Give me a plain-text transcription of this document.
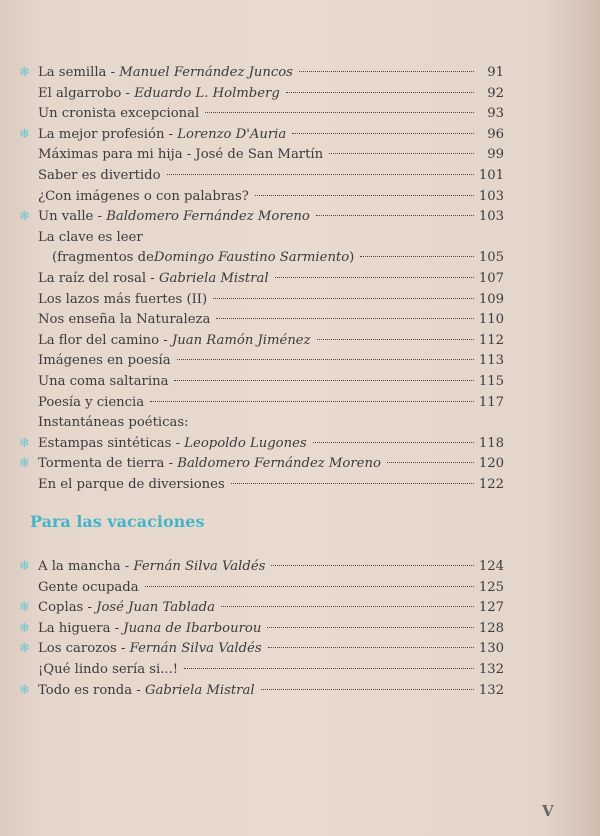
❄ La semilla - Manuel Fernández Juncos	91
El algarrobo - Eduardo L. Holmberg	92
Un cronista excepcional	93
❄ La mejor profesión - Lorenzo D'Auria	96
Máximas para mi hija - José de San Martín	99
Saber es divertido	101
¿Con imágenes o con palabras?	103
❄ Un valle - Baldomero Fernández Moreno	103
La clave es leer
(fragmentos de Domingo Faustino Sarmiento )	105
La raíz del rosal - Gabriela Mistral	107
Los lazos más fuertes (II)	109
Nos enseña la Naturaleza	110
La flor del camino - Juan Ramón Jiménez	112
Imágenes en poesía	113
Una coma saltarina	115
Poesía y ciencia	117
Instantáneas poéticas:
❄ Estampas sintéticas - Leopoldo Lugones	118
❄ Tormenta de tierra - Baldomero Fernández Moreno	120
En el parque de diversiones	122
Para las vacaciones
❄ A la mancha - Fernán Silva Valdés	124
Gente ocupada	125
❄ Coplas - José Juan Tablada	127
❄ La higuera - Juana de Ibarbourou	128
❄ Los carozos - Fernán Silva Valdés	130
¡Qué lindo sería si...!	132
❄ Todo es ronda - Gabriela Mistral	132
V
